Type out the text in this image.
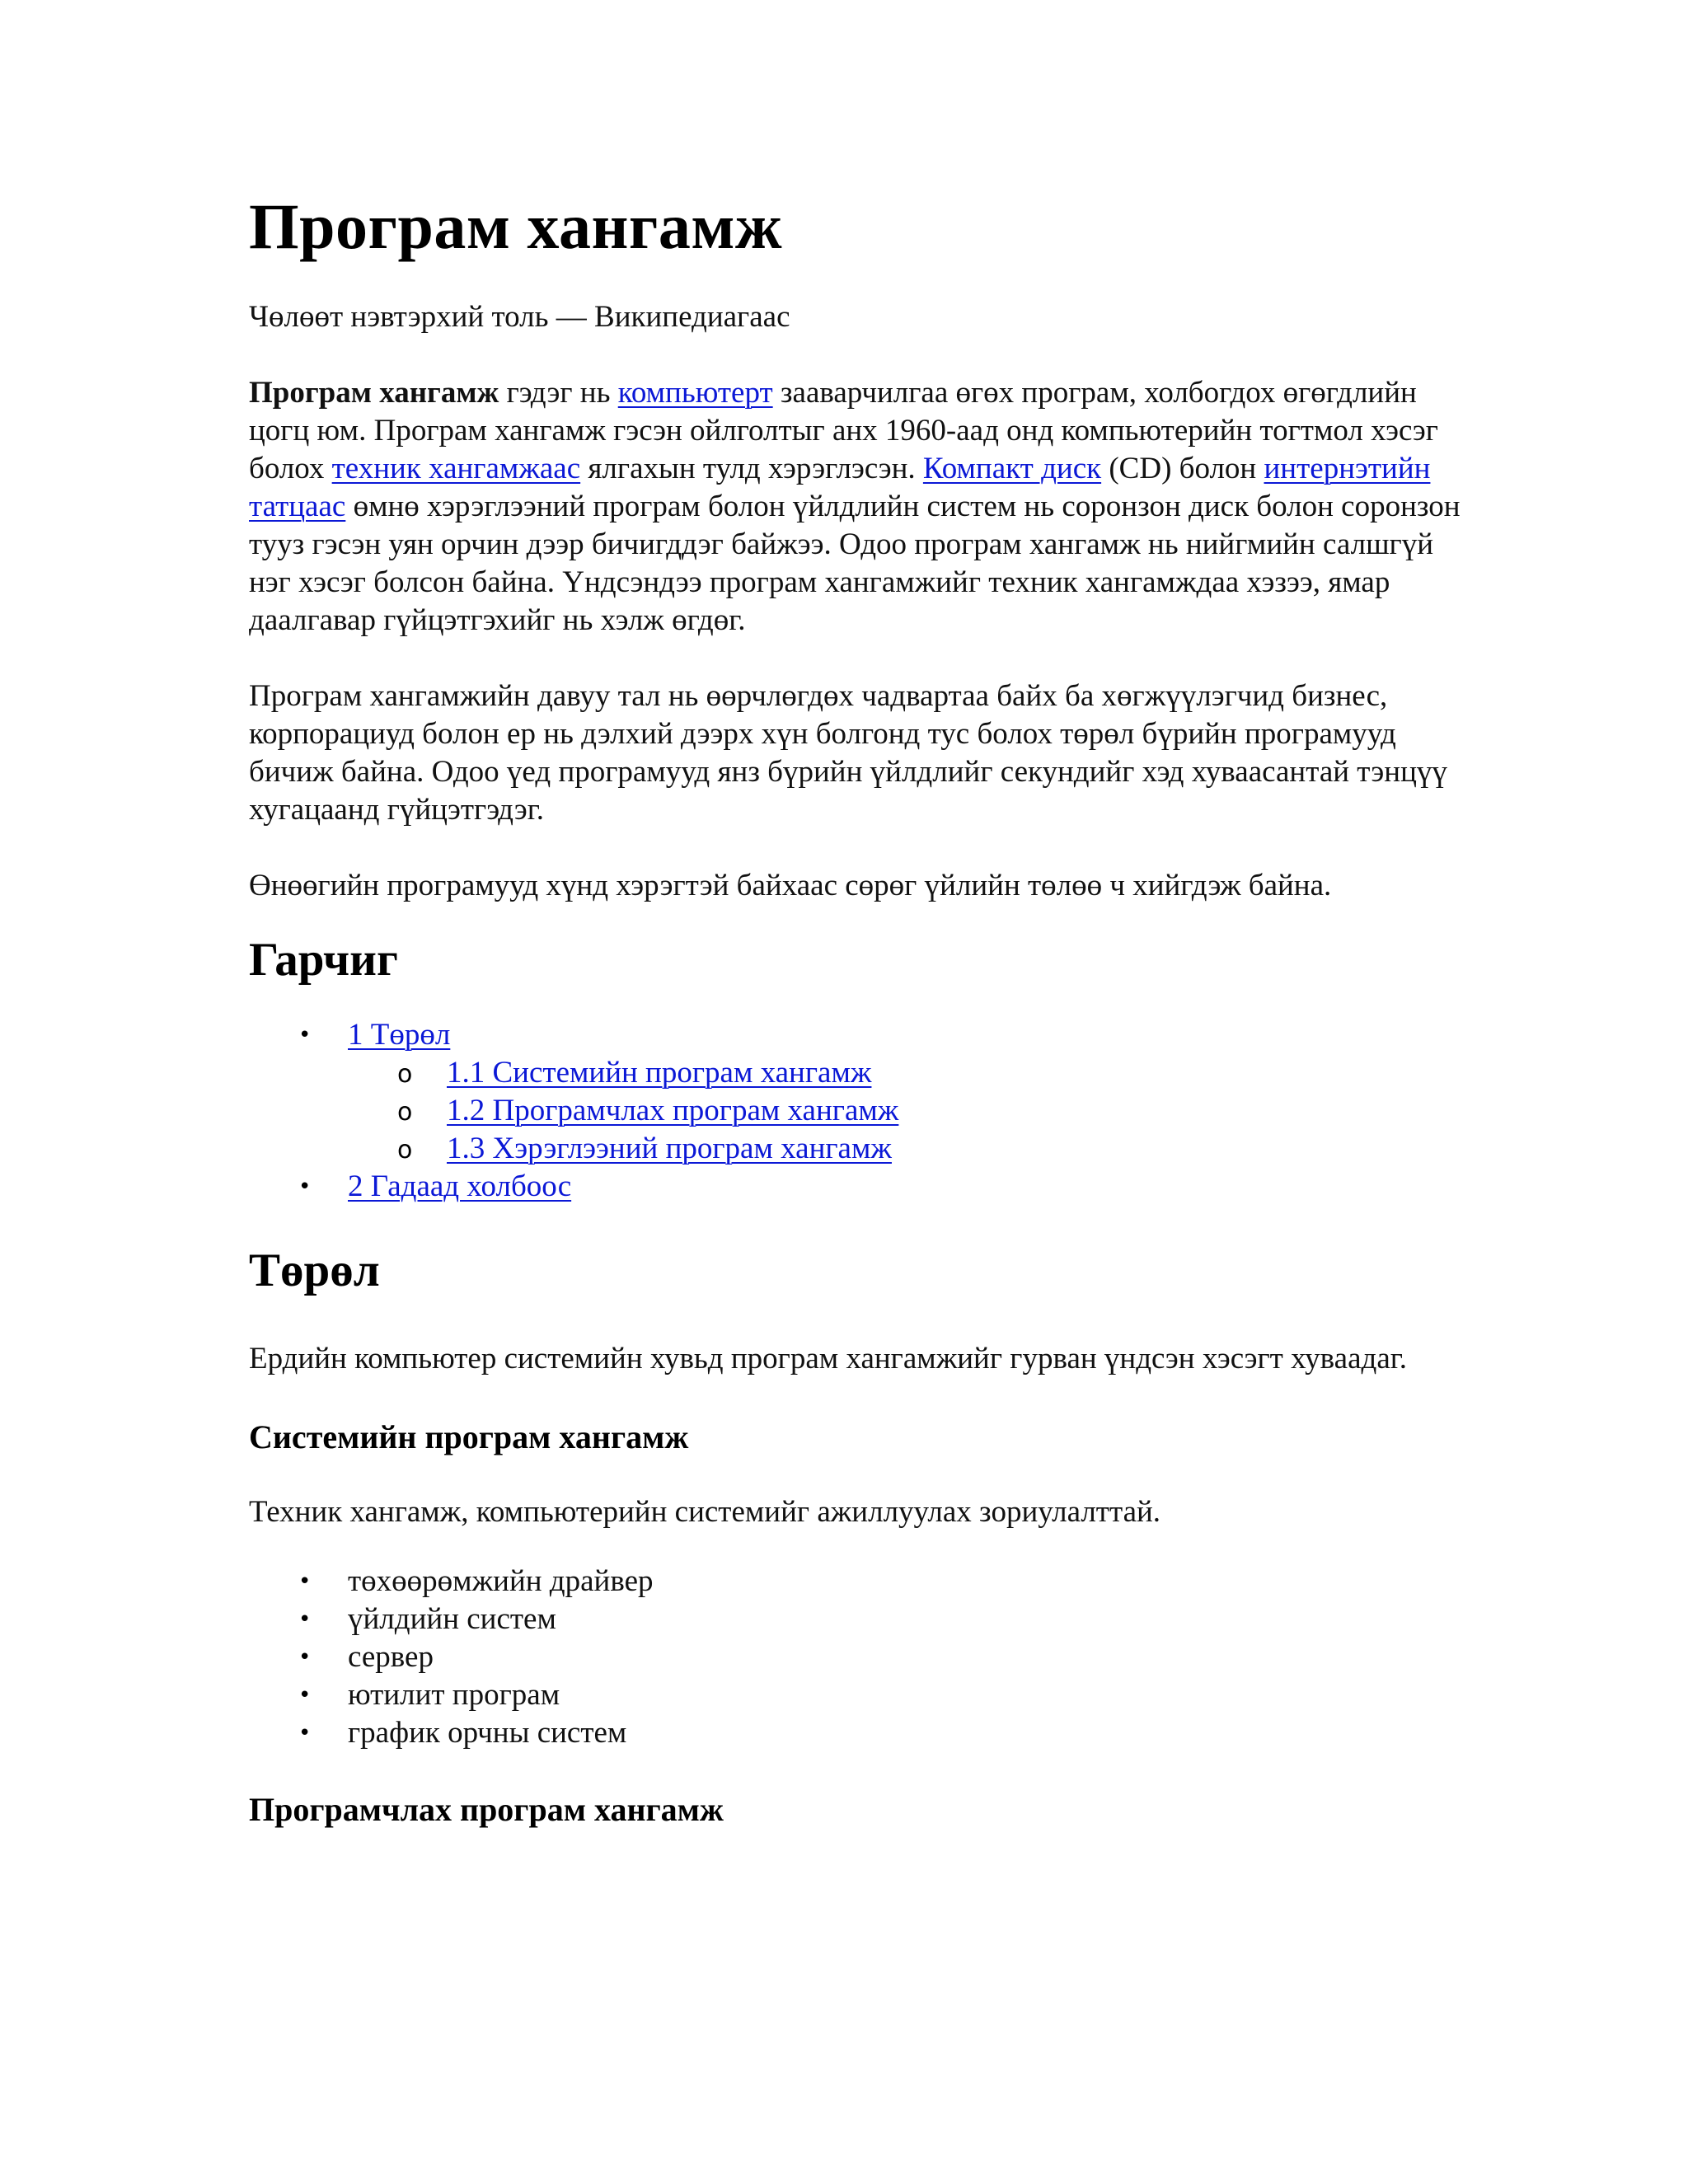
Програм хангамж

Чөлөөт нэвтэрхий толь — Википедиагаас

Програм хангамж гэдэг нь компьютерт зааварчилгаа өгөх програм, холбогдох өгөгдлийн цогц юм. Програм хангамж гэсэн ойлголтыг анх 1960-аад онд компьютерийн тогтмол хэсэг болох техник хангамжаас ялгахын тулд хэрэглэсэн. Компакт диск (CD) болон интернэтийн татцаас өмнө хэрэглээний програм болон үйлдлийн систем нь соронзон диск болон соронзон тууз гэсэн уян орчин дээр бичигддэг байжээ. Одоо програм хангамж нь нийгмийн салшгүй нэг хэсэг болсон байна. Үндсэндээ програм хангамжийг техник хангамждаа хэзээ, ямар даалгавар гүйцэтгэхийг нь хэлж өгдөг.

Програм хангамжийн давуу тал нь өөрчлөгдөх чадвартаа байх ба хөгжүүлэгчид бизнес, корпорациуд болон ер нь дэлхий дээрх хүн болгонд тус болох төрөл бүрийн програмууд бичиж байна. Одоо үед програмууд янз бүрийн үйлдлийг секундийг хэд хуваасантай тэнцүү хугацаанд гүйцэтгэдэг.

Өнөөгийн програмууд хүнд хэрэгтэй байхаас сөрөг үйлийн төлөө ч хийгдэж байна.

Гарчиг
• 1 Төрөл
o 1.1 Системийн програм хангамж
o 1.2 Програмчлах програм хангамж
o 1.3 Хэрэглээний програм хангамж
• 2 Гадаад холбоос
Төрөл

Ердийн компьютер системийн хувьд програм хангамжийг гурван үндсэн хэсэгт хуваадаг.

Системийн програм хангамж

Техник хангамж, компьютерийн системийг ажиллуулах зориулалттай.

• төхөөрөмжийн драйвер
• үйлдийн систем
• сервер
• ютилит програм
• график орчны систем
Програмчлах програм хангамж
